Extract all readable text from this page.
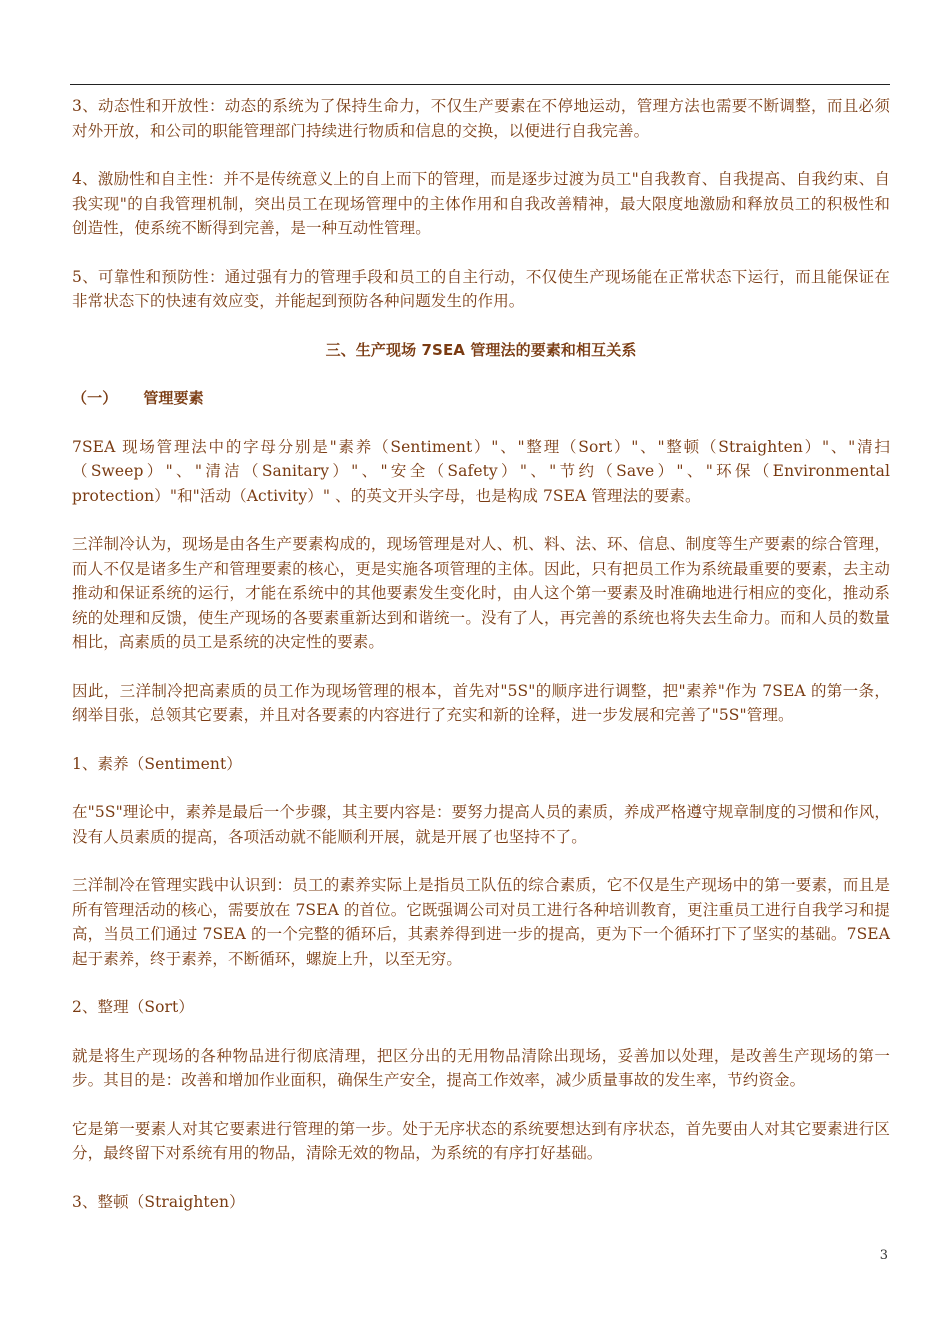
3、动态性和开放性：动态的系统为了保持生命力，不仅生产要素在不停地运动，管理方法也需要不断调整，而且必须对外开放，和公司的职能管理部门持续进行物质和信息的交换，以便进行自我完善。

4、激励性和自主性：并不是传统意义上的自上而下的管理，而是逐步过渡为员工"自我教育、自我提高、自我约束、自我实现"的自我管理机制，突出员工在现场管理中的主体作用和自我改善精神，最大限度地激励和释放员工的积极性和创造性，使系统不断得到完善，是一种互动性管理。

5、可靠性和预防性：通过强有力的管理手段和员工的自主行动，不仅使生产现场能在正常状态下运行，而且能保证在非常状态下的快速有效应变，并能起到预防各种问题发生的作用。

三、生产现场 7SEA 管理法的要素和相互关系
（一） 管理要素

7SEA 现场管理法中的字母分别是"素养（Sentiment）"、"整理（Sort）"、"整顿（Straighten）"、"清扫（Sweep）"、"清洁（Sanitary）"、"安全（Safety）"、"节约（Save）"、"环保（Environmental protection）"和"活动（Activity）" 、的英文开头字母，也是构成 7SEA 管理法的要素。

三洋制冷认为，现场是由各生产要素构成的，现场管理是对人、机、料、法、环、信息、制度等生产要素的综合管理，而人不仅是诸多生产和管理要素的核心，更是实施各项管理的主体。因此，只有把员工作为系统最重要的要素，去主动推动和保证系统的运行，才能在系统中的其他要素发生变化时，由人这个第一要素及时准确地进行相应的变化，推动系统的处理和反馈，使生产现场的各要素重新达到和谐统一。没有了人，再完善的系统也将失去生命力。而和人员的数量相比，高素质的员工是系统的决定性的要素。

因此，三洋制冷把高素质的员工作为现场管理的根本，首先对"5S"的顺序进行调整，把"素养"作为 7SEA 的第一条，纲举目张，总领其它要素，并且对各要素的内容进行了充实和新的诠释，进一步发展和完善了"5S"管理。

1、素养（Sentiment）

在"5S"理论中，素养是最后一个步骤，其主要内容是：要努力提高人员的素质，养成严格遵守规章制度的习惯和作风，没有人员素质的提高，各项活动就不能顺利开展，就是开展了也坚持不了。

三洋制冷在管理实践中认识到：员工的素养实际上是指员工队伍的综合素质，它不仅是生产现场中的第一要素，而且是所有管理活动的核心，需要放在 7SEA 的首位。它既强调公司对员工进行各种培训教育，更注重员工进行自我学习和提高，当员工们通过 7SEA 的一个完整的循环后，其素养得到进一步的提高，更为下一个循环打下了坚实的基础。7SEA 起于素养，终于素养，不断循环，螺旋上升，以至无穷。

2、整理（Sort）

就是将生产现场的各种物品进行彻底清理，把区分出的无用物品清除出现场，妥善加以处理，是改善生产现场的第一步。其目的是：改善和增加作业面积，确保生产安全，提高工作效率，减少质量事故的发生率，节约资金。

它是第一要素人对其它要素进行管理的第一步。处于无序状态的系统要想达到有序状态，首先要由人对其它要素进行区分，最终留下对系统有用的物品，清除无效的物品，为系统的有序打好基础。

3、整顿（Straighten）
3
